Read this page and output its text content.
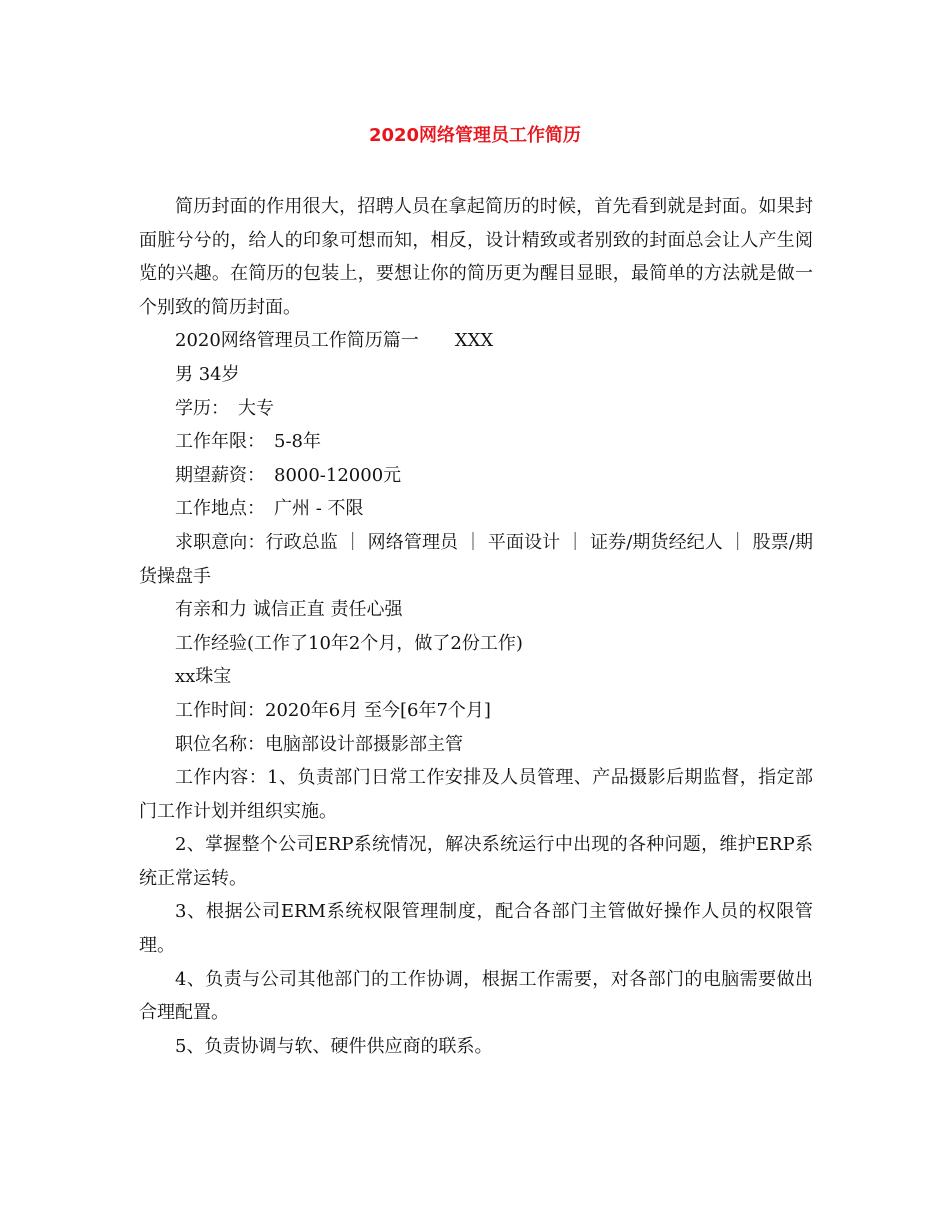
2020网络管理员工作简历

简历封面的作用很大，招聘人员在拿起简历的时候，首先看到就是封面。如果封面脏兮兮的，给人的印象可想而知，相反，设计精致或者别致的封面总会让人产生阅览的兴趣。在简历的包装上，要想让你的简历更为醒目显眼，最简单的方法就是做一个别致的简历封面。

2020网络管理员工作简历篇一　　XXX

男 34岁

学历：　大专

工作年限：　5-8年

期望薪资：　8000-12000元

工作地点：　广州 - 不限

求职意向：行政总监 ｜ 网络管理员 ｜ 平面设计 ｜ 证券/期货经纪人 ｜ 股票/期货操盘手

有亲和力 诚信正直 责任心强

工作经验(工作了10年2个月，做了2份工作)

xx珠宝

工作时间：2020年6月 至今[6年7个月]

职位名称：电脑部设计部摄影部主管

工作内容：1、负责部门日常工作安排及人员管理、产品摄影后期监督，指定部门工作计划并组织实施。

2、掌握整个公司ERP系统情况，解决系统运行中出现的各种问题，维护ERP系统正常运转。

3、根据公司ERM系统权限管理制度，配合各部门主管做好操作人员的权限管理。

4、负责与公司其他部门的工作协调，根据工作需要，对各部门的电脑需要做出合理配置。

5、负责协调与软、硬件供应商的联系。
